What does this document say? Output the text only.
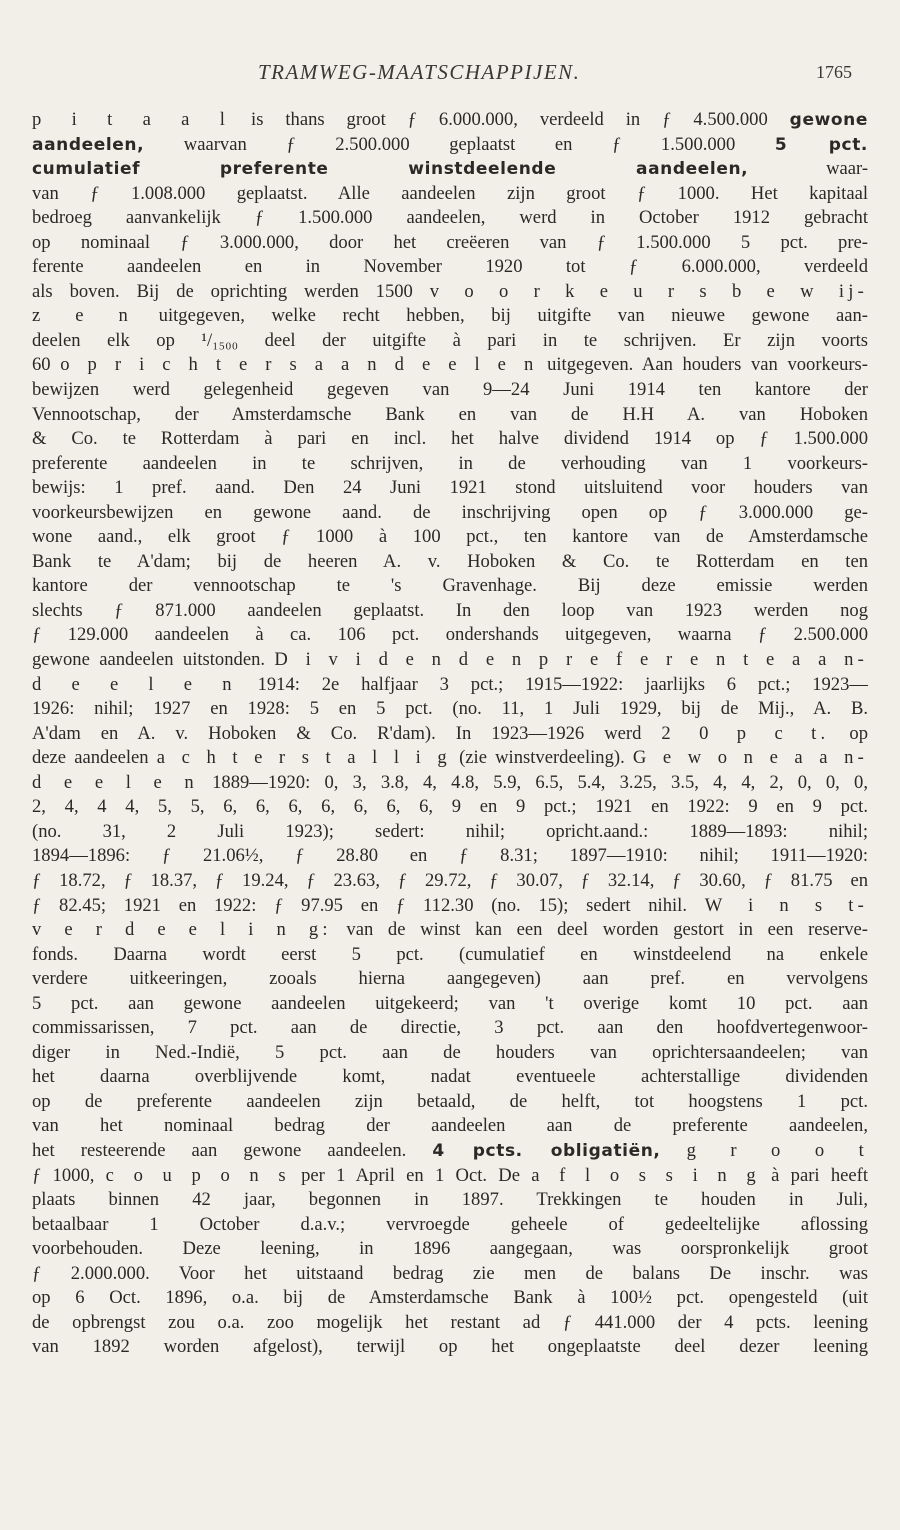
TRAMWEG-MAATSCHAPPIJEN.	1765
p i t a a l is thans groot ƒ 6.000.000, verdeeld in ƒ 4.500.000 gewone
aandeelen, waarvan ƒ 2.500.000 geplaatst en ƒ 1.500.000 5 pct.
cumulatief preferente winstdeelende aandeelen, waar-
van ƒ 1.008.000 geplaatst. Alle aandeelen zijn groot ƒ 1000. Het kapitaal
bedroeg aanvankelijk ƒ 1.500.000 aandeelen, werd in October 1912 gebracht
op nominaal ƒ 3.000.000, door het creëeren van ƒ 1.500.000 5 pct. pre-
ferente aandeelen en in November 1920 tot ƒ 6.000.000, verdeeld
als boven. Bij de oprichting werden 1500 v o o r k e u r s b e w ij-
z e n uitgegeven, welke recht hebben, bij uitgifte van nieuwe gewone aan-
deelen elk op ¹/₁₅₀₀ deel der uitgifte à pari in te schrijven. Er zijn voorts
60 o p r i c h t e r s a a n d e e l e n uitgegeven. Aan houders van voorkeurs-
bewijzen werd gelegenheid gegeven van 9—24 Juni 1914 ten kantore der
Vennootschap, der Amsterdamsche Bank en van de H.H A. van Hoboken
& Co. te Rotterdam à pari en incl. het halve dividend 1914 op ƒ 1.500.000
preferente aandeelen in te schrijven, in de verhouding van 1 voorkeurs-
bewijs: 1 pref. aand. Den 24 Juni 1921 stond uitsluitend voor houders van
voorkeursbewijzen en gewone aand. de inschrijving open op ƒ 3.000.000 ge-
wone aand., elk groot ƒ 1000 à 100 pct., ten kantore van de Amsterdamsche
Bank te A'dam; bij de heeren A. v. Hoboken & Co. te Rotterdam en ten
kantore der vennootschap te 's Gravenhage. Bij deze emissie werden
slechts ƒ 871.000 aandeelen geplaatst. In den loop van 1923 werden nog
ƒ 129.000 aandeelen à ca. 106 pct. ondershands uitgegeven, waarna ƒ 2.500.000
gewone aandeelen uitstonden. D i v i d e n d e n p r e f e r e n t e a a n-
d e e l e n 1914: 2e halfjaar 3 pct.; 1915—1922: jaarlijks 6 pct.; 1923—
1926: nihil; 1927 en 1928: 5 en 5 pct. (no. 11, 1 Juli 1929, bij de Mij., A. B.
A'dam en A. v. Hoboken & Co. R'dam). In 1923—1926 werd 2 0 p c t. op
deze aandeelen a c h t e r s t a l l i g (zie winstverdeeling). G e w o n e a a n-
d e e l e n 1889—1920: 0, 3, 3.8, 4, 4.8, 5.9, 6.5, 5.4, 3.25, 3.5, 4, 4, 2, 0, 0, 0,
2, 4, 4 4, 5, 5, 6, 6, 6, 6, 6, 6, 6, 9 en 9 pct.; 1921 en 1922: 9 en 9 pct.
(no. 31, 2 Juli 1923); sedert: nihil; opricht.aand.: 1889—1893: nihil;
1894—1896: ƒ 21.06½, ƒ 28.80 en ƒ 8.31; 1897—1910: nihil; 1911—1920:
ƒ 18.72, ƒ 18.37, ƒ 19.24, ƒ 23.63, ƒ 29.72, ƒ 30.07, ƒ 32.14, ƒ 30.60, ƒ 81.75 en
ƒ 82.45; 1921 en 1922: ƒ 97.95 en ƒ 112.30 (no. 15); sedert nihil. W i n s t-
v e r d e e l i n g: van de winst kan een deel worden gestort in een reserve-
fonds. Daarna wordt eerst 5 pct. (cumulatief en winstdeelend na enkele
verdere uitkeeringen, zooals hierna aangegeven) aan pref. en vervolgens
5 pct. aan gewone aandeelen uitgekeerd; van 't overige komt 10 pct. aan
commissarissen, 7 pct. aan de directie, 3 pct. aan den hoofdvertegenwoor-
diger in Ned.-Indië, 5 pct. aan de houders van oprichtersaandeelen; van
het daarna overblijvende komt, nadat eventueele achterstallige dividenden
op de preferente aandeelen zijn betaald, de helft, tot hoogstens 1 pct.
van het nominaal bedrag der aandeelen aan de preferente aandeelen,
het resteerende aan gewone aandeelen. 4 pcts. obligatiën, g r o o t
ƒ 1000, c o u p o n s per 1 April en 1 Oct. De a f l o s s i n g à pari heeft
plaats binnen 42 jaar, begonnen in 1897. Trekkingen te houden in Juli,
betaalbaar 1 October d.a.v.; vervroegde geheele of gedeeltelijke aflossing
voorbehouden. Deze leening, in 1896 aangegaan, was oorspronkelijk groot
ƒ 2.000.000. Voor het uitstaand bedrag zie men de balans De inschr. was
op 6 Oct. 1896, o.a. bij de Amsterdamsche Bank à 100½ pct. opengesteld (uit
de opbrengst zou o.a. zoo mogelijk het restant ad ƒ 441.000 der 4 pcts. leening
van 1892 worden afgelost), terwijl op het ongeplaatste deel dezer leening
